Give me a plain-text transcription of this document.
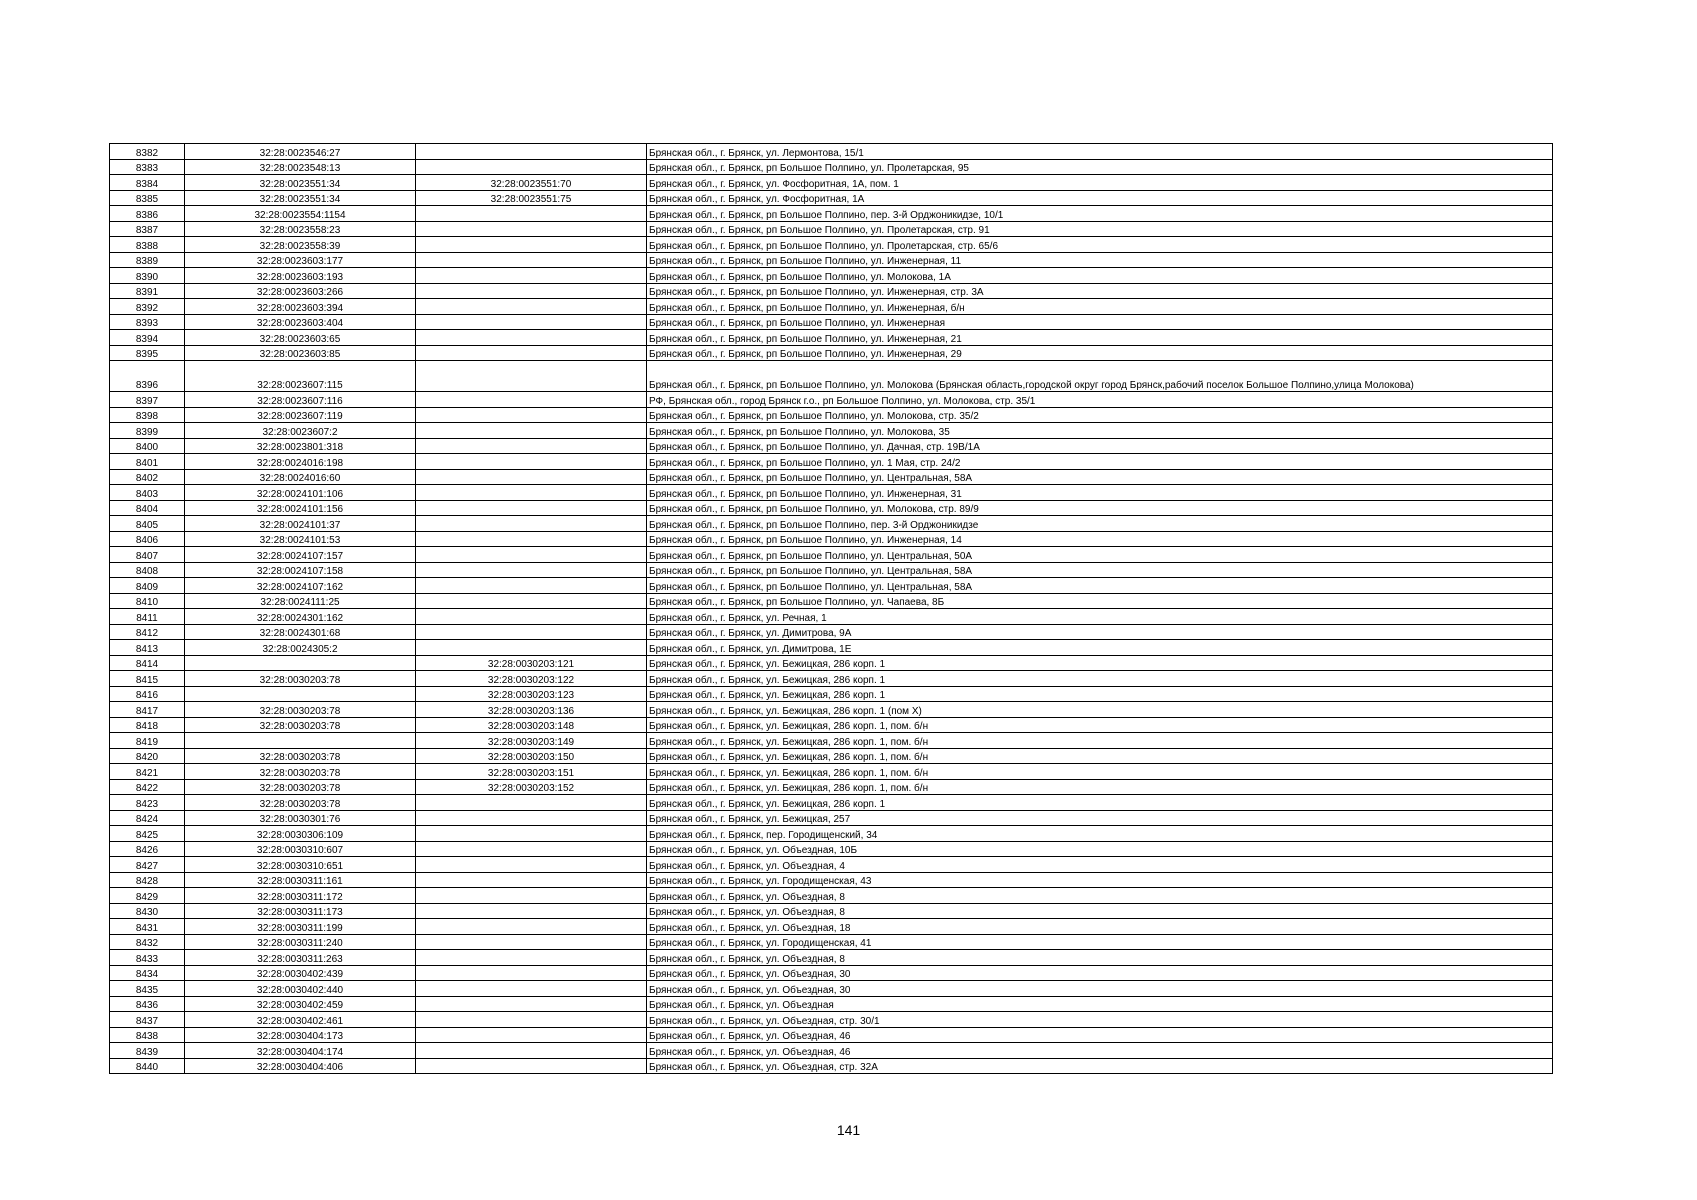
8382	32:28:0023546:27		Брянская обл., г. Брянск, ул. Лермонтова, 15/1
8383	32:28:0023548:13		Брянская обл., г. Брянск, рп Большое Полпино, ул. Пролетарская, 95
8384	32:28:0023551:34	32:28:0023551:70	Брянская обл., г. Брянск, ул. Фосфоритная, 1А, пом. 1
8385	32:28:0023551:34	32:28:0023551:75	Брянская обл., г. Брянск, ул. Фосфоритная, 1А
8386	32:28:0023554:1154		Брянская обл., г. Брянск, рп Большое Полпино, пер. 3-й Орджоникидзе, 10/1
8387	32:28:0023558:23		Брянская обл., г. Брянск, рп Большое Полпино, ул. Пролетарская, стр. 91
8388	32:28:0023558:39		Брянская обл., г. Брянск, рп Большое Полпино, ул. Пролетарская, стр. 65/6
8389	32:28:0023603:177		Брянская обл., г. Брянск, рп Большое Полпино, ул. Инженерная, 11
8390	32:28:0023603:193		Брянская обл., г. Брянск, рп Большое Полпино, ул. Молокова, 1А
8391	32:28:0023603:266		Брянская обл., г. Брянск, рп Большое Полпино, ул. Инженерная, стр. 3А
8392	32:28:0023603:394		Брянская обл., г. Брянск, рп Большое Полпино, ул. Инженерная, б/н
8393	32:28:0023603:404		Брянская обл., г. Брянск, рп Большое Полпино, ул. Инженерная
8394	32:28:0023603:65		Брянская обл., г. Брянск, рп Большое Полпино, ул. Инженерная, 21
8395	32:28:0023603:85		Брянская обл., г. Брянск, рп Большое Полпино, ул. Инженерная, 29
8396	32:28:0023607:115		Брянская обл., г. Брянск, рп Большое Полпино, ул. Молокова (Брянская область,городской округ город Брянск,рабочий поселок Большое Полпино,улица Молокова)
8397	32:28:0023607:116		РФ, Брянская обл., город Брянск г.о., рп Большое Полпино, ул. Молокова, стр. 35/1
8398	32:28:0023607:119		Брянская обл., г. Брянск, рп Большое Полпино, ул. Молокова, стр. 35/2
8399	32:28:0023607:2		Брянская обл., г. Брянск, рп Большое Полпино, ул. Молокова, 35
8400	32:28:0023801:318		Брянская обл., г. Брянск, рп Большое Полпино, ул. Дачная, стр. 19В/1А
8401	32:28:0024016:198		Брянская обл., г. Брянск, рп Большое Полпино, ул. 1 Мая, стр. 24/2
8402	32:28:0024016:60		Брянская обл., г. Брянск, рп Большое Полпино, ул. Центральная, 58А
8403	32:28:0024101:106		Брянская обл., г. Брянск, рп Большое Полпино, ул. Инженерная, 31
8404	32:28:0024101:156		Брянская обл., г. Брянск, рп Большое Полпино, ул. Молокова, стр. 89/9
8405	32:28:0024101:37		Брянская обл., г. Брянск, рп Большое Полпино, пер. 3-й Орджоникидзе
8406	32:28:0024101:53		Брянская обл., г. Брянск, рп Большое Полпино, ул. Инженерная, 14
8407	32:28:0024107:157		Брянская обл., г. Брянск, рп Большое Полпино, ул. Центральная, 50А
8408	32:28:0024107:158		Брянская обл., г. Брянск, рп Большое Полпино, ул. Центральная, 58А
8409	32:28:0024107:162		Брянская обл., г. Брянск, рп Большое Полпино, ул. Центральная, 58А
8410	32:28:0024111:25		Брянская обл., г. Брянск, рп Большое Полпино, ул. Чапаева, 8Б
8411	32:28:0024301:162		Брянская обл., г. Брянск, ул. Речная, 1
8412	32:28:0024301:68		Брянская обл., г. Брянск, ул. Димитрова, 9А
8413	32:28:0024305:2		Брянская обл., г. Брянск, ул. Димитрова, 1Е
8414		32:28:0030203:121	Брянская обл., г. Брянск, ул. Бежицкая, 286 корп. 1
8415	32:28:0030203:78	32:28:0030203:122	Брянская обл., г. Брянск, ул. Бежицкая, 286 корп. 1
8416		32:28:0030203:123	Брянская обл., г. Брянск, ул. Бежицкая, 286 корп. 1
8417	32:28:0030203:78	32:28:0030203:136	Брянская обл., г. Брянск, ул. Бежицкая, 286 корп. 1 (пом X)
8418	32:28:0030203:78	32:28:0030203:148	Брянская обл., г. Брянск, ул. Бежицкая, 286 корп. 1, пом. б/н
8419		32:28:0030203:149	Брянская обл., г. Брянск, ул. Бежицкая, 286 корп. 1, пом. б/н
8420	32:28:0030203:78	32:28:0030203:150	Брянская обл., г. Брянск, ул. Бежицкая, 286 корп. 1, пом. б/н
8421	32:28:0030203:78	32:28:0030203:151	Брянская обл., г. Брянск, ул. Бежицкая, 286 корп. 1, пом. б/н
8422	32:28:0030203:78	32:28:0030203:152	Брянская обл., г. Брянск, ул. Бежицкая, 286 корп. 1, пом. б/н
8423	32:28:0030203:78		Брянская обл., г. Брянск, ул. Бежицкая, 286 корп. 1
8424	32:28:0030301:76		Брянская обл., г. Брянск, ул. Бежицкая, 257
8425	32:28:0030306:109		Брянская обл., г. Брянск, пер. Городищенский, 34
8426	32:28:0030310:607		Брянская обл., г. Брянск, ул. Объездная, 10Б
8427	32:28:0030310:651		Брянская обл., г. Брянск, ул. Объездная, 4
8428	32:28:0030311:161		Брянская обл., г. Брянск, ул. Городищенская, 43
8429	32:28:0030311:172		Брянская обл., г. Брянск, ул. Объездная, 8
8430	32:28:0030311:173		Брянская обл., г. Брянск, ул. Объездная, 8
8431	32:28:0030311:199		Брянская обл., г. Брянск, ул. Объездная, 18
8432	32:28:0030311:240		Брянская обл., г. Брянск, ул. Городищенская, 41
8433	32:28:0030311:263		Брянская обл., г. Брянск, ул. Объездная, 8
8434	32:28:0030402:439		Брянская обл., г. Брянск, ул. Объездная, 30
8435	32:28:0030402:440		Брянская обл., г. Брянск, ул. Объездная, 30
8436	32:28:0030402:459		Брянская обл., г. Брянск, ул. Объездная
8437	32:28:0030402:461		Брянская обл., г. Брянск, ул. Объездная, стр. 30/1
8438	32:28:0030404:173		Брянская обл., г. Брянск, ул. Объездная, 46
8439	32:28:0030404:174		Брянская обл., г. Брянск, ул. Объездная, 46
8440	32:28:0030404:406		Брянская обл., г. Брянск, ул. Объездная, стр. 32А
141
